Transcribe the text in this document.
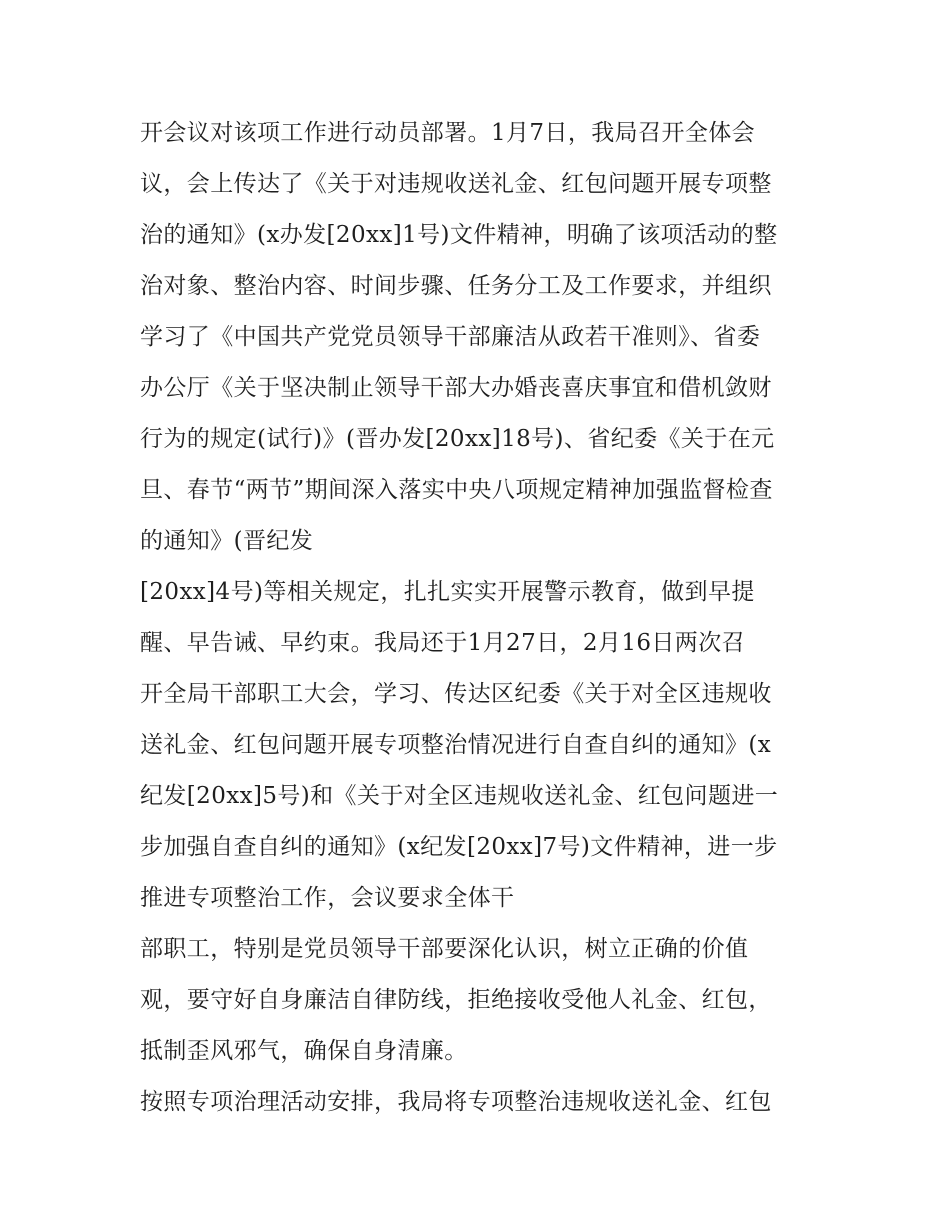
开会议对该项工作进行动员部署。1月7日，我局召开全体会
议，会上传达了《关于对违规收送礼金、红包问题开展专项整
治的通知》(x办发[20xx]1号)文件精神，明确了该项活动的整
治对象、整治内容、时间步骤、任务分工及工作要求，并组织
学习了《中国共产党党员领导干部廉洁从政若干准则》、省委
办公厅《关于坚决制止领导干部大办婚丧喜庆事宜和借机敛财
行为的规定(试行)》(晋办发[20xx]18号)、省纪委《关于在元
旦、春节“两节”期间深入落实中央八项规定精神加强监督检查
的通知》(晋纪发
[20xx]4号)等相关规定，扎扎实实开展警示教育，做到早提
醒、早告诫、早约束。我局还于1月27日，2月16日两次召
开全局干部职工大会，学习、传达区纪委《关于对全区违规收
送礼金、红包问题开展专项整治情况进行自查自纠的通知》(x
纪发[20xx]5号)和《关于对全区违规收送礼金、红包问题进一
步加强自查自纠的通知》(x纪发[20xx]7号)文件精神，进一步
推进专项整治工作，会议要求全体干
部职工，特别是党员领导干部要深化认识，树立正确的价值
观，要守好自身廉洁自律防线，拒绝接收受他人礼金、红包，
抵制歪风邪气，确保自身清廉。
按照专项治理活动安排，我局将专项整治违规收送礼金、红包
